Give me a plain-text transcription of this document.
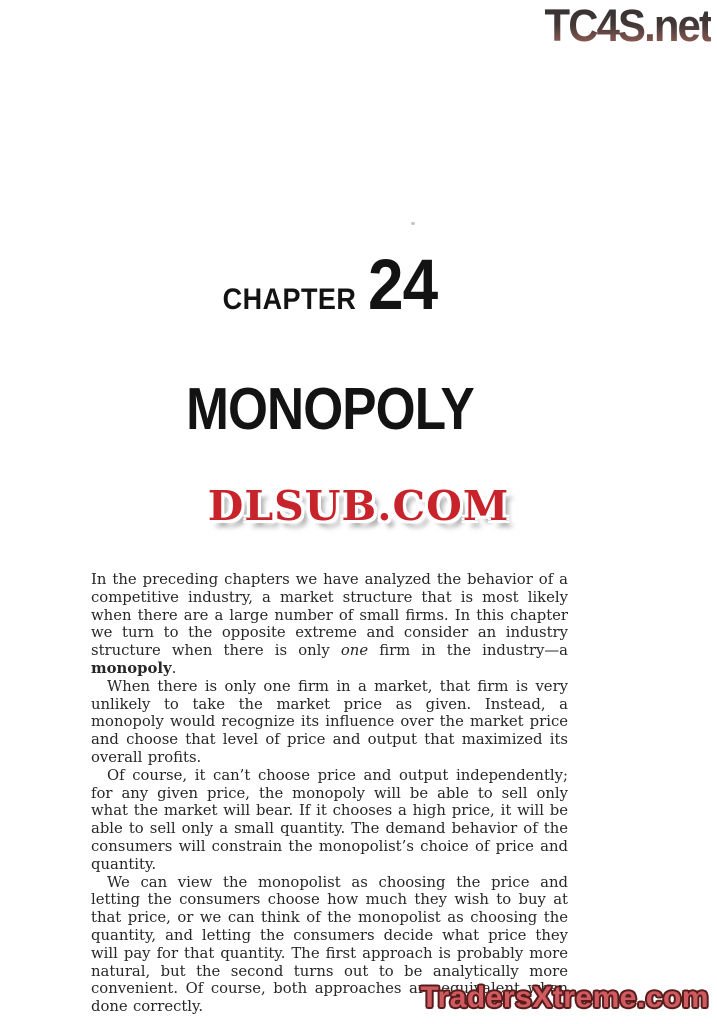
TC4S.net
CHAPTER 24
MONOPOLY
DLSUB.COM

In the preceding chapters we have analyzed the behavior of a competitive industry, a market structure that is most likely when there are a large number of small firms. In this chapter we turn to the opposite extreme and consider an industry structure when there is only one firm in the industry—a monopoly.

When there is only one firm in a market, that firm is very unlikely to take the market price as given. Instead, a monopoly would recognize its influence over the market price and choose that level of price and output that maximized its overall profits.

Of course, it can’t choose price and output independently; for any given price, the monopoly will be able to sell only what the market will bear. If it chooses a high price, it will be able to sell only a small quantity. The demand behavior of the consumers will constrain the monopolist’s choice of price and quantity.

We can view the monopolist as choosing the price and letting the consumers choose how much they wish to buy at that price, or we can think of the monopolist as choosing the quantity, and letting the consumers decide what price they will pay for that quantity. The first approach is probably more natural, but the second turns out to be analytically more convenient. Of course, both approaches are equivalent when done correctly.	TradersXtreme.com
